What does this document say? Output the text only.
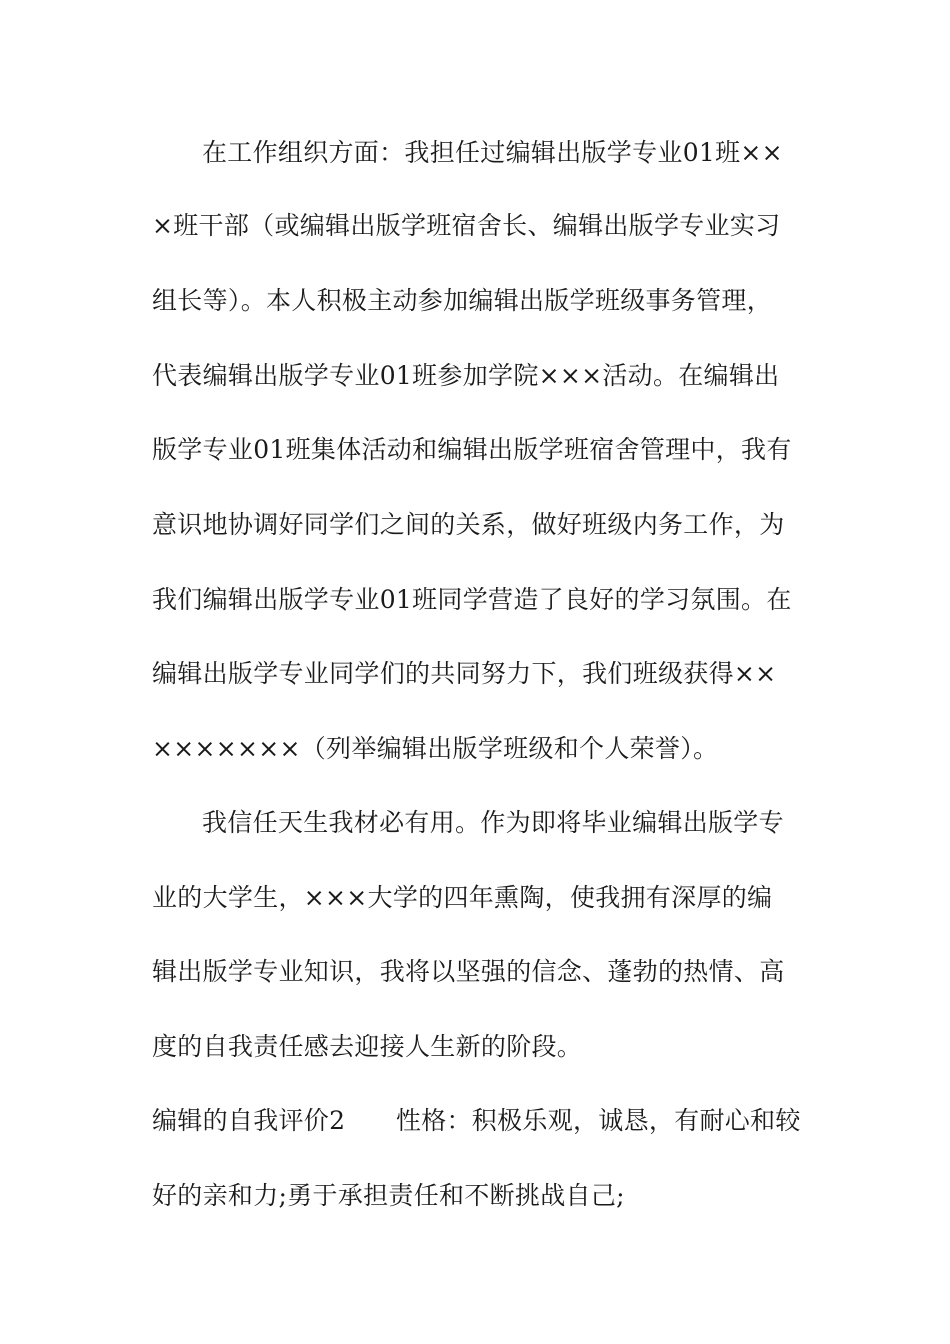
在工作组织方面：我担任过编辑出版学专业01班××
×班干部（或编辑出版学班宿舍长、编辑出版学专业实习
组长等）。本人积极主动参加编辑出版学班级事务管理，
代表编辑出版学专业01班参加学院×××活动。在编辑出
版学专业01班集体活动和编辑出版学班宿舍管理中，我有
意识地协调好同学们之间的关系，做好班级内务工作，为
我们编辑出版学专业01班同学营造了良好的学习氛围。在
编辑出版学专业同学们的共同努力下，我们班级获得××
×××××××（列举编辑出版学班级和个人荣誉）。
我信任天生我材必有用。作为即将毕业编辑出版学专
业的大学生，×××大学的四年熏陶，使我拥有深厚的编
辑出版学专业知识，我将以坚强的信念、蓬勃的热情、高
度的自我责任感去迎接人生新的阶段。
编辑的自我评价2　　性格：积极乐观，诚恳，有耐心和较
好的亲和力;勇于承担责任和不断挑战自己;
